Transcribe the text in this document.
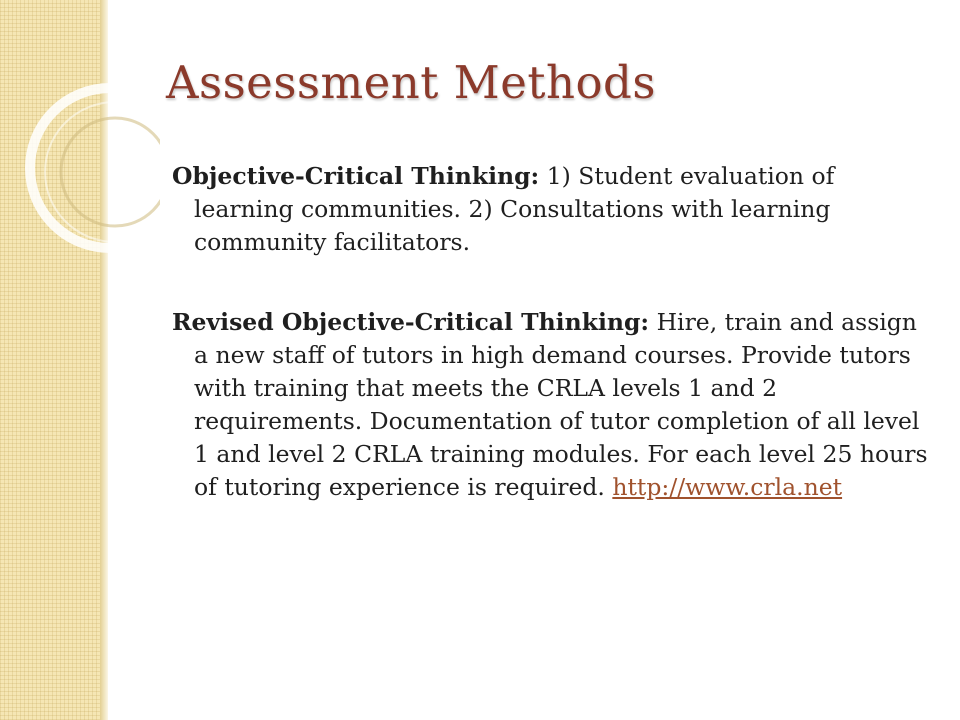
Assessment Methods

Objective-Critical Thinking: 1) Student evaluation of learning communities. 2) Consultations with learning community facilitators.

Revised Objective-Critical Thinking: Hire, train and assign a new staff of tutors in high demand courses. Provide tutors with training that meets the CRLA levels 1 and 2 requirements. Documentation of tutor completion of all level 1 and level 2 CRLA training modules. For each level 25 hours of tutoring experience is required. http://www.crla.net
